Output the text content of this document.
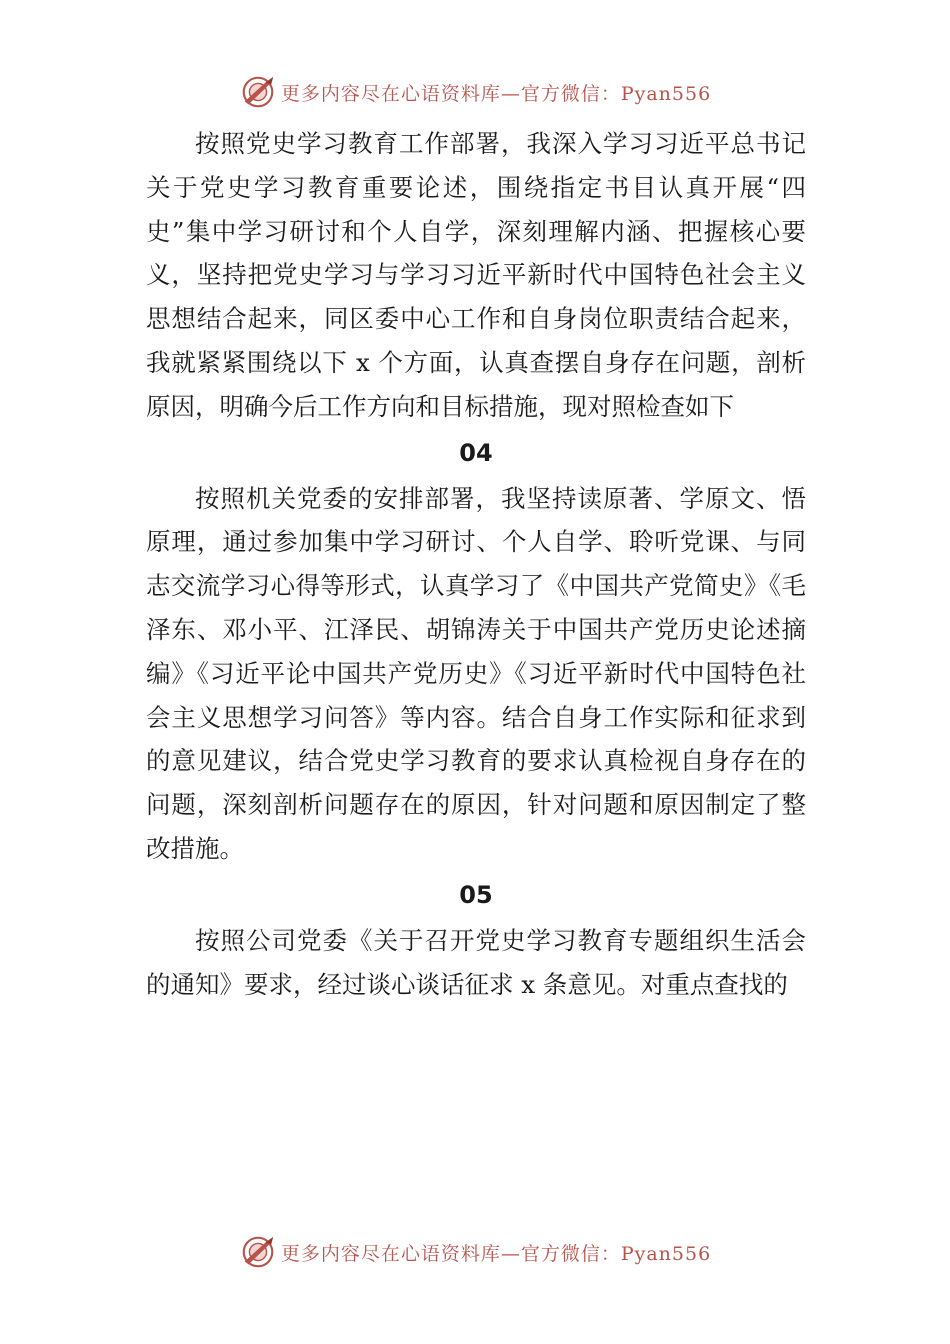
更多内容尽在心语资料库—官方微信：Pyan556

按照党史学习教育工作部署，我深入学习习近平总书记关于党史学习教育重要论述，围绕指定书目认真开展“四史”集中学习研讨和个人自学，深刻理解内涵、把握核心要义，坚持把党史学习与学习习近平新时代中国特色社会主义思想结合起来，同区委中心工作和自身岗位职责结合起来，我就紧紧围绕以下 x 个方面，认真查摆自身存在问题，剖析原因，明确今后工作方向和目标措施，现对照检查如下

04

按照机关党委的安排部署，我坚持读原著、学原文、悟原理，通过参加集中学习研讨、个人自学、聆听党课、与同志交流学习心得等形式，认真学习了《中国共产党简史》《毛泽东、邓小平、江泽民、胡锦涛关于中国共产党历史论述摘编》《习近平论中国共产党历史》《习近平新时代中国特色社会主义思想学习问答》等内容。结合自身工作实际和征求到的意见建议，结合党史学习教育的要求认真检视自身存在的问题，深刻剖析问题存在的原因，针对问题和原因制定了整改措施。

05

按照公司党委《关于召开党史学习教育专题组织生活会的通知》要求，经过谈心谈话征求 x 条意见。对重点查找的

更多内容尽在心语资料库—官方微信：Pyan556
